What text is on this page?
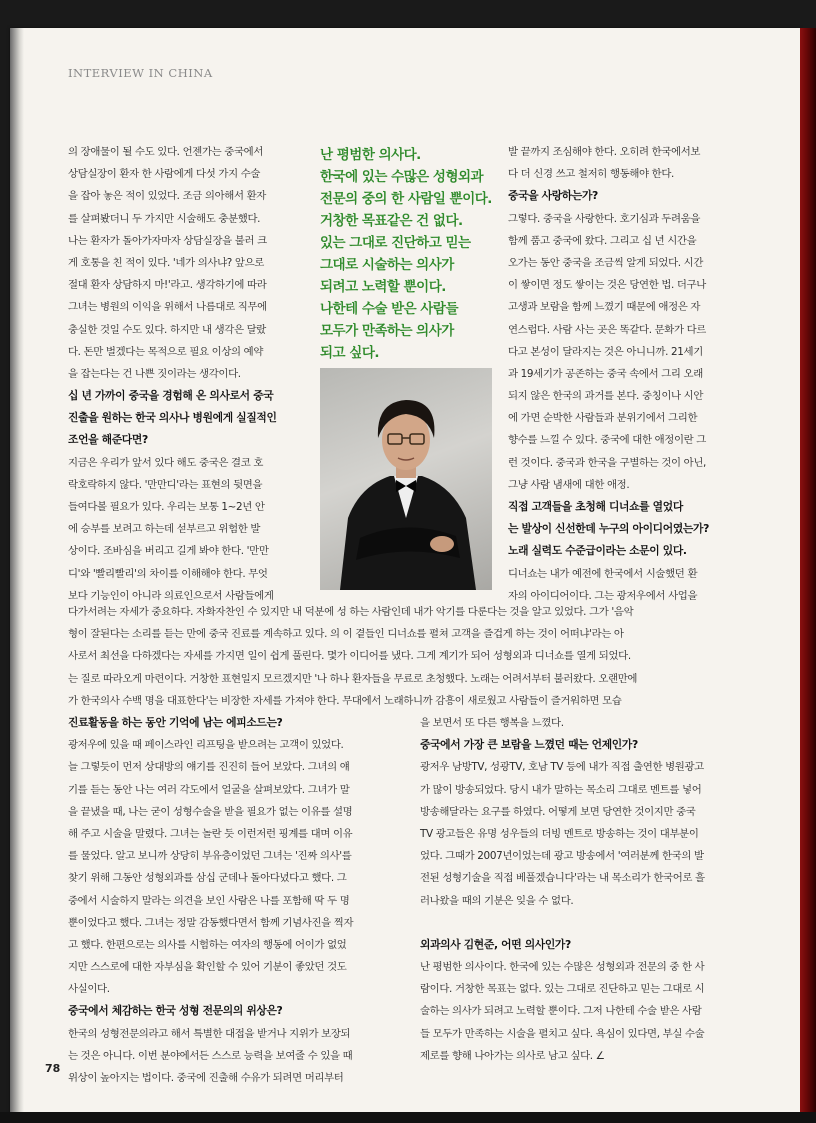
INTERVIEW IN CHINA
의 장애물이 될 수도 있다. 언젠가는 중국에서
상담실장이 환자 한 사람에게 다섯 가지 수술
을 잡아 놓은 적이 있었다. 조금 의아해서 환자
를 살펴봤더니 두 가지만 시술해도 충분했다.
나는 환자가 돌아가자마자 상담실장을 불러 크
게 호통을 친 적이 있다. '네가 의사냐? 앞으로
절대 환자 상담하지 마!'라고. 생각하기에 따라
그녀는 병원의 이익을 위해서 나름대로 직무에
충실한 것일 수도 있다. 하지만 내 생각은 달랐
다. 돈만 벌겠다는 목적으로 필요 이상의 예약
을 잡는다는 건 나쁜 짓이라는 생각이다.
십 년 가까이 중국을 경험해 온 의사로서 중국
진출을 원하는 한국 의사나 병원에게 실질적인
조언을 해준다면?
지금은 우리가 앞서 있다 해도 중국은 결코 호
락호락하지 않다. '만만디'라는 표현의 뒷면을
들여다볼 필요가 있다. 우리는 보통 1~2년 안
에 승부를 보려고 하는데 섣부르고 위험한 발
상이다. 조바심을 버리고 길게 봐야 한다. '만만
디'와 '빨리빨리'의 차이를 이해해야 한다. 무엇
보다 기능인이 아니라 의료인으로서 사람들에게
난 평범한 의사다.
한국에 있는 수많은 성형외과
전문의 중의 한 사람일 뿐이다.
거창한 목표같은 건 없다.
있는 그대로 진단하고 믿는
그대로 시술하는 의사가
되려고 노력할 뿐이다.
나한테 수술 받은 사람들
모두가 만족하는 의사가
되고 싶다.
발 끝까지 조심해야 한다. 오히려 한국에서보
다 더 신경 쓰고 철저히 행동해야 한다.
중국을 사랑하는가?
그렇다. 중국을 사랑한다. 호기심과 두려움을
함께 품고 중국에 왔다. 그리고 십 년 시간을
오가는 동안 중국을 조금씩 알게 되었다. 시간
이 쌓이면 정도 쌓이는 것은 당연한 법. 더구나
고생과 보람을 함께 느꼈기 때문에 애정은 자
연스럽다. 사람 사는 곳은 똑같다. 문화가 다르
다고 본성이 달라지는 것은 아니니까. 21세기
과 19세기가 공존하는 중국 속에서 그리 오래
되지 않은 한국의 과거를 본다. 중칭이나 시안
에 가면 순박한 사람들과 분위기에서 그리한
향수를 느낄 수 있다. 중국에 대한 애정이란 그
런 것이다. 중국과 한국을 구별하는 것이 아닌,
그냥 사람 냄새에 대한 애정.
직접 고객들을 초청해 디너쇼를 열었다
는 발상이 신선한데 누구의 아이디어였는가?
노래 실력도 수준급이라는 소문이 있다.
디너쇼는 내가 예전에 한국에서 시술했던 환
자의 아이디어이다. 그는 광저우에서 사업을
다가서려는 자세가 중요하다. 자화자찬인 수 있지만 내 덕분에 성 하는 사람인데 내가 악기를 다룬다는 것을 알고 있었다. 그가 '음악
형이 잘된다는 소리를 듣는 만에 중국 진료를 계속하고 있다. 의 이 곁들인 디너쇼를 펼쳐 고객을 즐겁게 하는 것이 어떠냐'라는 아
사로서 최선을 다하겠다는 자세를 가지면 일이 쉽게 풀린다. 몇가 이디어를 냈다. 그게 계기가 되어 성형외과 디너쇼를 열게 되었다.
는 질로 따라오게 마련이다. 거창한 표현일지 모르겠지만 '나 하나 환자들을 무료로 초청했다. 노래는 어려서부터 불러왔다. 오랜만에
가 한국의사 수백 명을 대표한다'는 비장한 자세를 가져야 한다. 무대에서 노래하니까 감흥이 새로웠고 사람들이 즐거워하면 모습
진료활동을 하는 동안 기억에 남는 에피소드는?
광저우에 있을 때 페이스라인 리프팅을 받으려는 고객이 있었다.
늘 그렇듯이 먼저 상대방의 얘기를 진진히 들어 보았다. 그녀의 얘
기를 듣는 동안 나는 여러 각도에서 얼굴을 살펴보았다. 그녀가 말
을 끝냈을 때, 나는 굳이 성형수술을 받을 필요가 없는 이유를 설명
해 주고 시술을 말렸다. 그녀는 놀란 듯 이런저런 핑계를 대며 이유
를 물었다. 알고 보니까 상당히 부유층이었던 그녀는 '진짜 의사'를
찾기 위해 그동안 성형외과를 삼십 군데나 돌아다녔다고 했다. 그
중에서 시술하지 말라는 의견을 보인 사람은 나를 포함해 딱 두 명
뿐이었다고 했다. 그녀는 정말 감동했다면서 함께 기념사진을 찍자
고 했다. 한편으로는 의사를 시험하는 여자의 행동에 어이가 없었
지만 스스로에 대한 자부심을 확인할 수 있어 기분이 좋았던 것도
사실이다.
중국에서 체감하는 한국 성형 전문의의 위상은?
한국의 성형전문의라고 해서 특별한 대접을 받거나 지위가 보장되
는 것은 아니다. 이번 분야에서든 스스로 능력을 보여줄 수 있을 때
위상이 높아지는 법이다. 중국에 진출해 수유가 되려면 머리부터
을 보면서 또 다른 행복을 느꼈다.
중국에서 가장 큰 보람을 느꼈던 때는 언제인가?
광저우 남방TV, 성광TV, 호남 TV 등에 내가 직접 출연한 병원광고
가 많이 방송되었다. 당시 내가 말하는 목소리 그대로 멘트를 넣어
방송해달라는 요구를 하였다. 어떻게 보면 당연한 것이지만 중국
TV 광고들은 유명 성우들의 더빙 멘트로 방송하는 것이 대부분이
었다. 그때가 2007년이었는데 광고 방송에서 '여러분께 한국의 발
전된 성형기술을 직접 베풀겠습니다'라는 내 목소리가 한국어로 흘
러나왔을 때의 기분은 잊을 수 없다.
외과의사 김현준, 어떤 의사인가?
난 평범한 의사이다. 한국에 있는 수많은 성형외과 전문의 중 한 사
람이다. 거창한 목표는 없다. 있는 그대로 진단하고 믿는 그대로 시
술하는 의사가 되려고 노력할 뿐이다. 그저 나한테 수술 받은 사람
들 모두가 만족하는 시술을 펼치고 싶다. 욕심이 있다면, 부실 수술
제로를 향해 나아가는 의사로 남고 싶다. ∠
78
